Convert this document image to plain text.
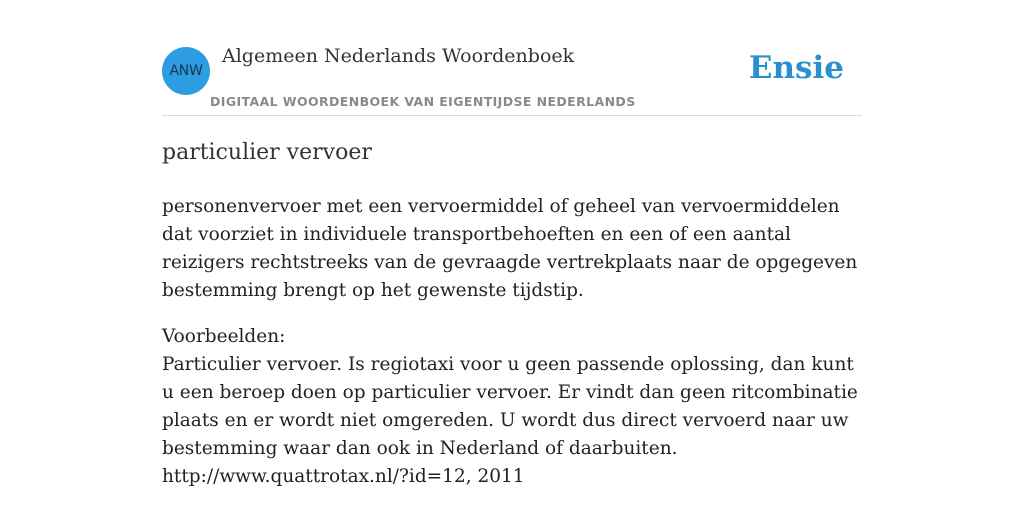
ANW
Algemeen Nederlands Woordenboek
DIGITAAL WOORDENBOEK VAN EIGENTIJDSE NEDERLANDS
Ensie
particulier vervoer

personenvervoer met een vervoermiddel of geheel van vervoermiddelen dat voorziet in individuele transportbehoeften en een of een aantal reizigers rechtstreeks van de gevraagde vertrekplaats naar de opgegeven bestemming brengt op het gewenste tijdstip.

Voorbeelden:
Particulier vervoer. Is regiotaxi voor u geen passende oplossing, dan kunt u een beroep doen op particulier vervoer. Er vindt dan geen ritcombinatie plaats en er wordt niet omgereden. U wordt dus direct vervoerd naar uw bestemming waar dan ook in Nederland of daarbuiten.
http://www.quattrotax.nl/?id=12, 2011
